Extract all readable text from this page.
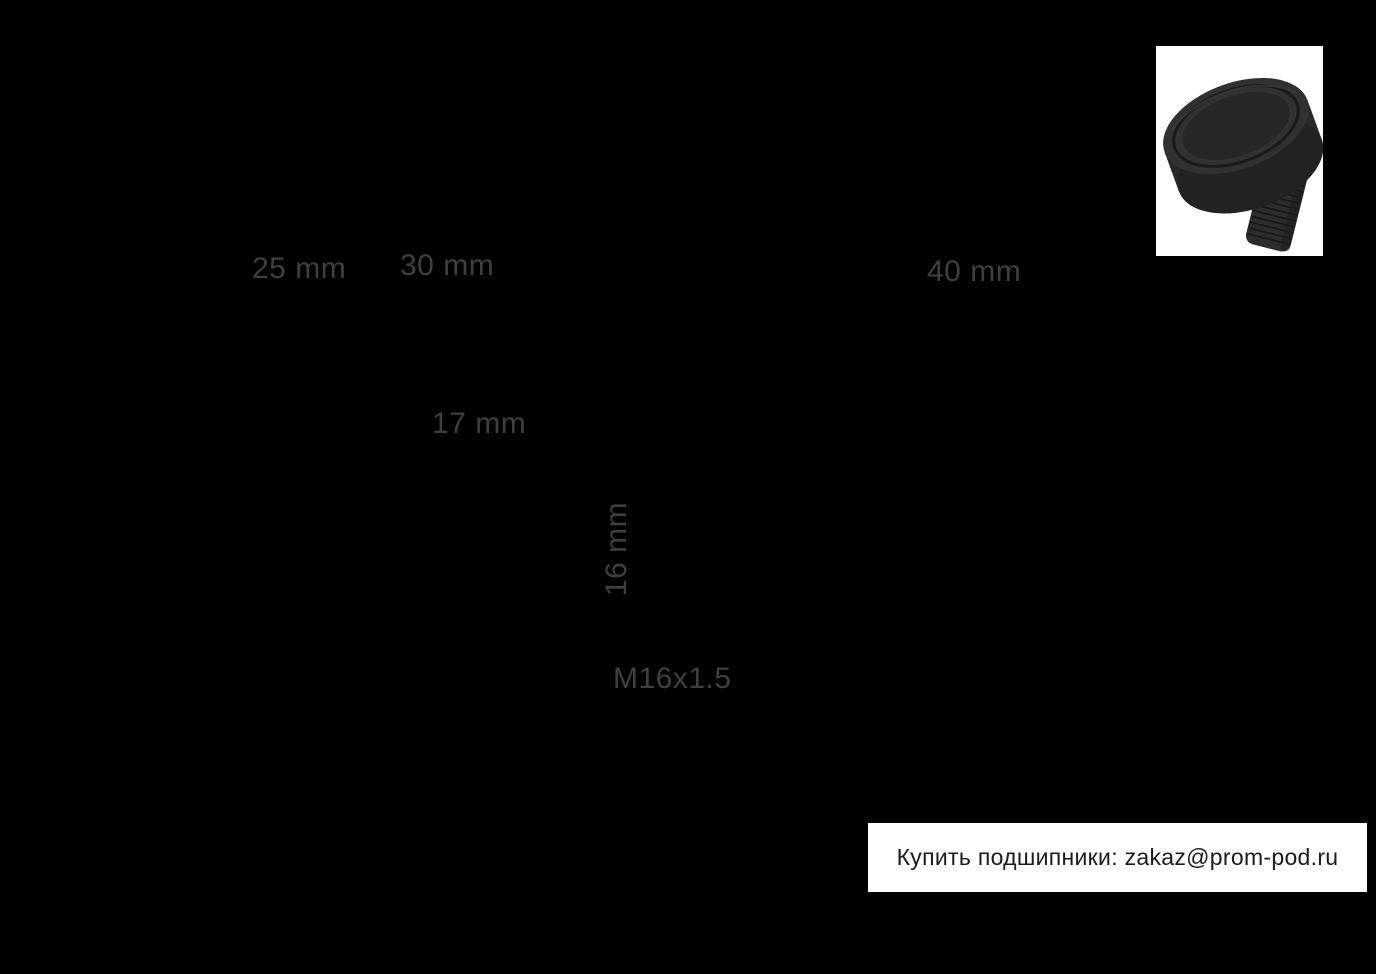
25 mm 30 mm	40 mm
17 mm
16 mm
M16x1.5
Купить подшипники: zakaz@prom-pod.ru
